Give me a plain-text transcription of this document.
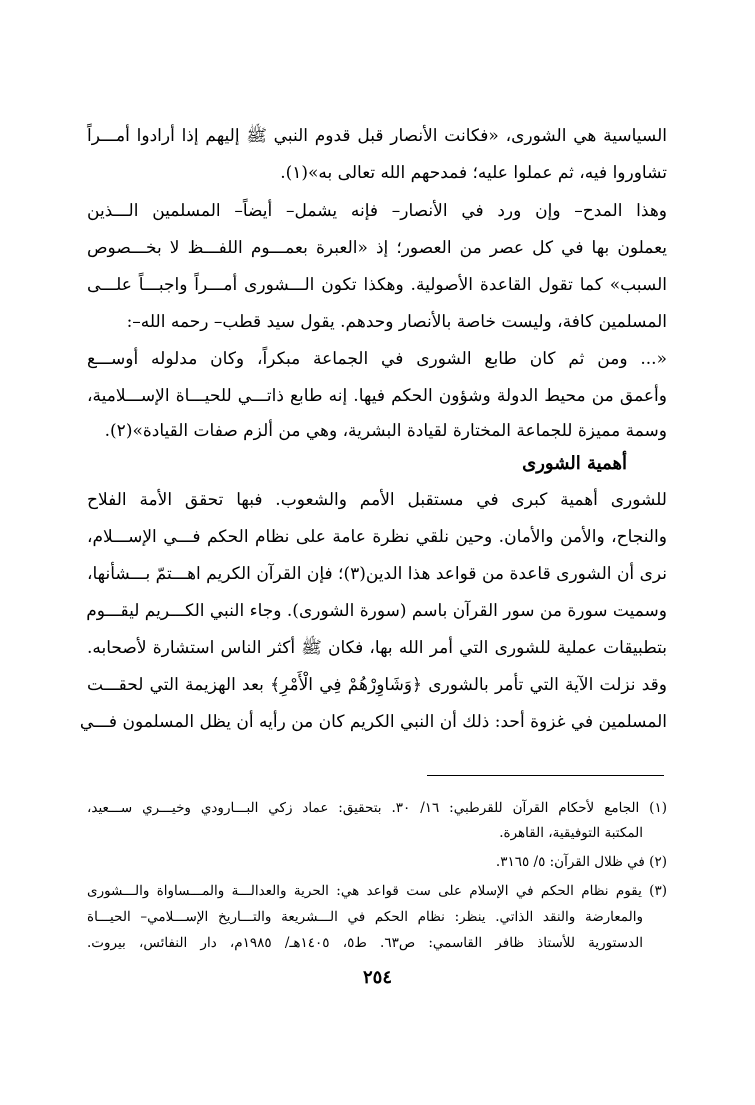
السياسية هي الشورى، «فكانت الأنصار قبل قدوم النبي ﷺ إليهم إذا أرادوا أمـــراً
تشاوروا فيه، ثم عملوا عليه؛ فمدحهم الله تعالى به»(١).
وهذا المدح– وإن ورد في الأنصار– فإنه يشمل– أيضاً– المسلمين الـــذين
يعملون بها في كل عصر من العصور؛ إذ «العبرة بعمـــوم اللفـــظ لا بخـــصوص
السبب» كما تقول القاعدة الأصولية. وهكذا تكون الـــشورى أمـــراً واجبـــاً علـــى
المسلمين كافة، وليست خاصة بالأنصار وحدهم. يقول سيد قطب– رحمه الله–:
«... ومن ثم كان طابع الشورى في الجماعة مبكراً، وكان مدلوله أوســـع
وأعمق من محيط الدولة وشؤون الحكم فيها. إنه طابع ذاتـــي للحيـــاة الإســـلامية،
وسمة مميزة للجماعة المختارة لقيادة البشرية، وهي من ألزم صفات القيادة»(٢).
أهمية الشورى
للشورى أهمية كبرى في مستقبل الأمم والشعوب. فبها تحقق الأمة الفلاح
والنجاح، والأمن والأمان. وحين نلقي نظرة عامة على نظام الحكم فـــي الإســـلام،
نرى أن الشورى قاعدة من قواعد هذا الدين(٣)؛ فإن القرآن الكريم اهـــتمّ بـــشأنها،
وسميت سورة من سور القرآن باسم (سورة الشورى). وجاء النبي الكـــريم ليقـــوم
بتطبيقات عملية للشورى التي أمر الله بها، فكان ﷺ أكثر الناس استشارة لأصحابه.
وقد نزلت الآية التي تأمر بالشورى ﴿وَشَاوِرْهُمْ فِي الْأَمْرِ﴾ بعد الهزيمة التي لحقـــت
المسلمين في غزوة أحد: ذلك أن النبي الكريم كان من رأيه أن يظل المسلمون فـــي
(١) الجامع لأحكام القرآن للقرطبي: ١٦/ ٣٠. بتحقيق: عماد زكي البـــارودي وخيـــري ســـعيد،
المكتبة التوفيقية، القاهرة.
(٢) في ظلال القرآن: ٥/ ٣١٦٥.
(٣) يقوم نظام الحكم في الإسلام على ست قواعد هي: الحرية والعدالـــة والمـــساواة والـــشورى
والمعارضة والنقد الذاتي. ينظر: نظام الحكم في الـــشريعة والتـــاريخ الإســـلامي– الحيـــاة
الدستورية للأستاذ ظافر القاسمي: ص٦٣. ط٥، ١٤٠٥هـ/ ١٩٨٥م، دار النفائس، بيروت.
٢٥٤
